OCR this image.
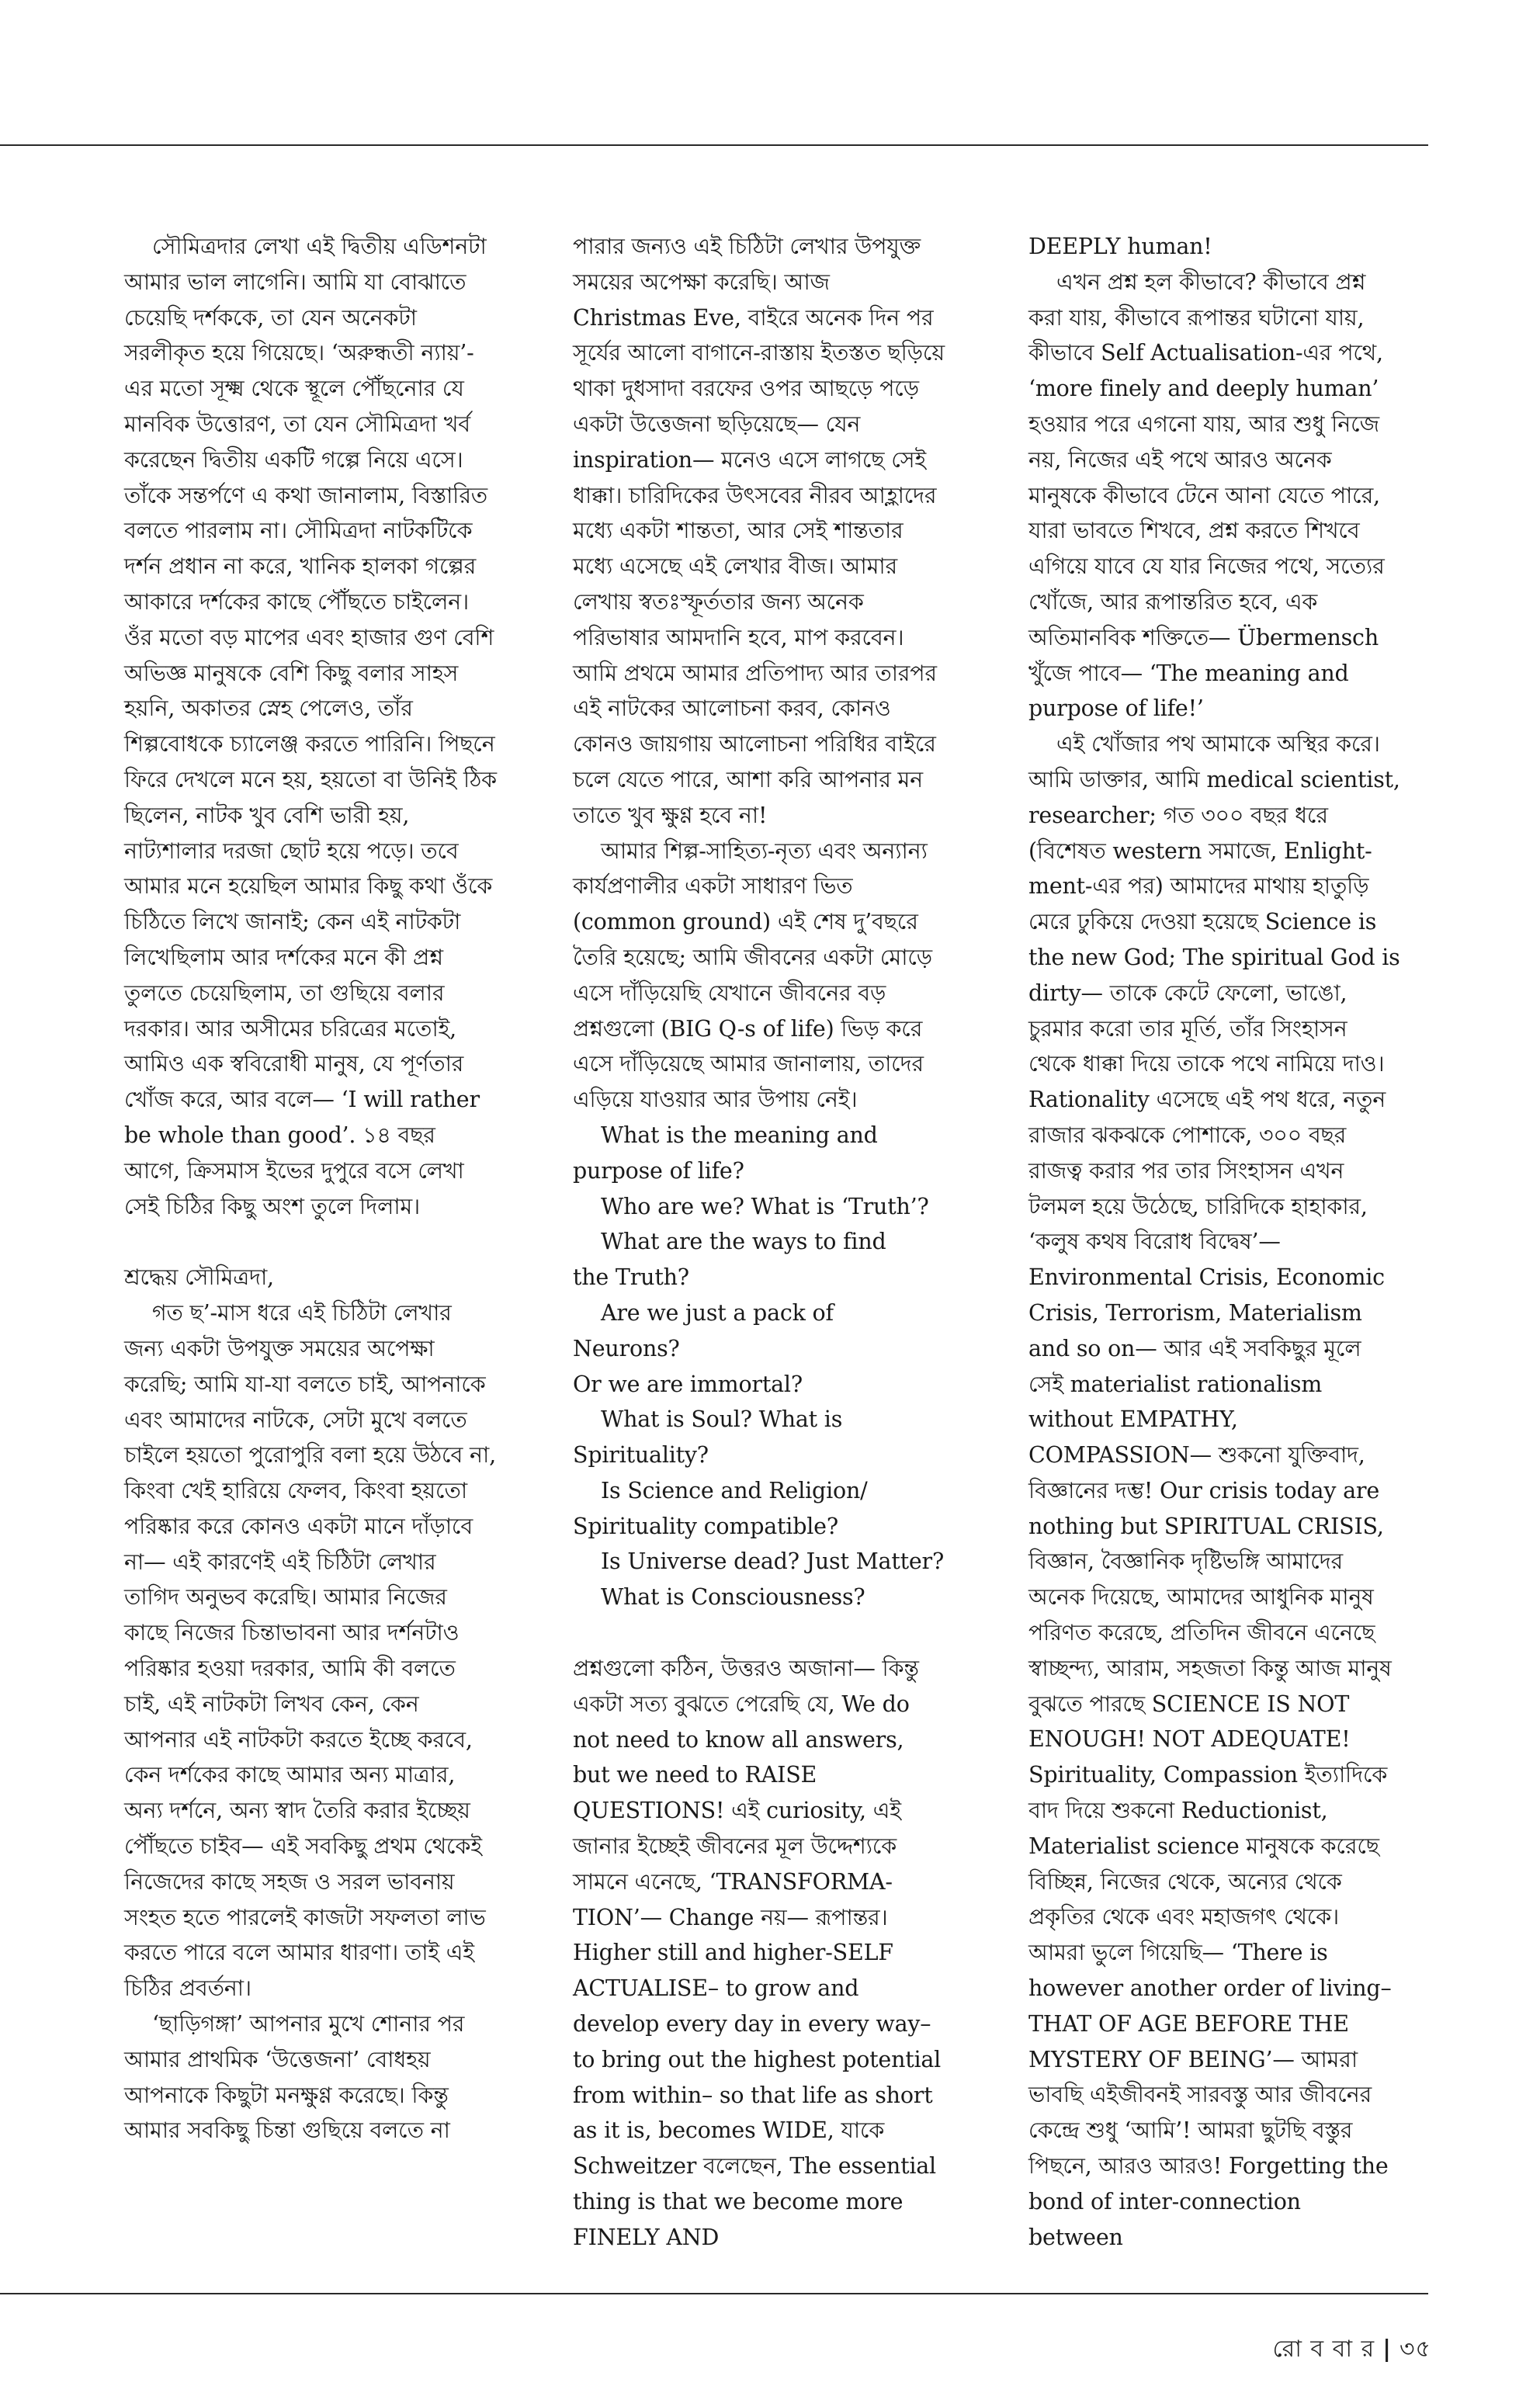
সৌমিত্রদার লেখা এই দ্বিতীয় এডিশনটা আমার ভাল লাগেনি। আমি যা বোঝাতে চেয়েছি দর্শককে, তা যেন অনেকটা সরলীকৃত হয়ে গিয়েছে। ‘অরুন্ধতী ন্যায়’-এর মতো সূক্ষ্ম থেকে স্থূলে পৌঁছনোর যে মানবিক উত্তোরণ, তা যেন সৌমিত্রদা খর্ব করেছেন দ্বিতীয় একটি গল্পে নিয়ে এসে। তাঁকে সন্তর্পণে এ কথা জানালাম, বিস্তারিত বলতে পারলাম না। সৌমিত্রদা নাটকটিকে দর্শন প্রধান না করে, খানিক হালকা গল্পের আকারে দর্শকের কাছে পৌঁছতে চাইলেন। ওঁর মতো বড় মাপের এবং হাজার গুণ বেশি অভিজ্ঞ মানুষকে বেশি কিছু বলার সাহস হয়নি, অকাতর স্নেহ পেলেও, তাঁর শিল্পবোধকে চ্যালেঞ্জ করতে পারিনি। পিছনে ফিরে দেখলে মনে হয়, হয়তো বা উনিই ঠিক ছিলেন, নাটক খুব বেশি ভারী হয়, নাট্যশালার দরজা ছোট হয়ে পড়ে। তবে আমার মনে হয়েছিল আমার কিছু কথা ওঁকে চিঠিতে লিখে জানাই; কেন এই নাটকটা লিখেছিলাম আর দর্শকের মনে কী প্রশ্ন তুলতে চেয়েছিলাম, তা গুছিয়ে বলার দরকার। আর অসীমের চরিত্রের মতোই, আমিও এক স্ববিরোধী মানুষ, যে পূর্ণতার খোঁজ করে, আর বলে— ‘I will rather be whole than good’. ১৪ বছর আগে, ক্রিসমাস ইভের দুপুরে বসে লেখা সেই চিঠির কিছু অংশ তুলে দিলাম।

শ্রদ্ধেয় সৌমিত্রদা,

গত ছ’-মাস ধরে এই চিঠিটা লেখার জন্য একটা উপযুক্ত সময়ের অপেক্ষা করেছি; আমি যা-যা বলতে চাই, আপনাকে এবং আমাদের নাটকে, সেটা মুখে বলতে চাইলে হয়তো পুরোপুরি বলা হয়ে উঠবে না, কিংবা খেই হারিয়ে ফেলব, কিংবা হয়তো পরিষ্কার করে কোনও একটা মানে দাঁড়াবে না— এই কারণেই এই চিঠিটা লেখার তাগিদ অনুভব করেছি। আমার নিজের কাছে নিজের চিন্তাভাবনা আর দর্শনটাও পরিষ্কার হওয়া দরকার, আমি কী বলতে চাই, এই নাটকটা লিখব কেন, কেন আপনার এই নাটকটা করতে ইচ্ছে করবে, কেন দর্শকের কাছে আমার অন্য মাত্রার, অন্য দর্শনে, অন্য স্বাদ তৈরি করার ইচ্ছেয় পৌঁছতে চাইব— এই সবকিছু প্রথম থেকেই নিজেদের কাছে সহজ ও সরল ভাবনায় সংহত হতে পারলেই কাজটা সফলতা লাভ করতে পারে বলে আমার ধারণা। তাই এই চিঠির প্রবর্তনা।

‘ছাড়িগঙ্গা’ আপনার মুখে শোনার পর আমার প্রাথমিক ‘উত্তেজনা’ বোধহয় আপনাকে কিছুটা মনক্ষুণ্ণ করেছে। কিন্তু আমার সবকিছু চিন্তা গুছিয়ে বলতে না

পারার জন্যও এই চিঠিটা লেখার উপযুক্ত সময়ের অপেক্ষা করেছি। আজ Christmas Eve, বাইরে অনেক দিন পর সূর্যের আলো বাগানে-রাস্তায় ইতস্তত ছড়িয়ে থাকা দুধসাদা বরফের ওপর আছড়ে পড়ে একটা উত্তেজনা ছড়িয়েছে— যেন inspiration— মনেও এসে লাগছে সেই ধাক্কা। চারিদিকের উৎসবের নীরব আহ্লাদের মধ্যে একটা শান্ততা, আর সেই শান্ততার মধ্যে এসেছে এই লেখার বীজ। আমার লেখায় স্বতঃস্ফূর্ততার জন্য অনেক পরিভাষার আমদানি হবে, মাপ করবেন। আমি প্রথমে আমার প্রতিপাদ্য আর তারপর এই নাটকের আলোচনা করব, কোনও কোনও জায়গায় আলোচনা পরিধির বাইরে চলে যেতে পারে, আশা করি আপনার মন তাতে খুব ক্ষুণ্ণ হবে না!

আমার শিল্প-সাহিত্য-নৃত্য এবং অন্যান্য কার্যপ্রণালীর একটা সাধারণ ভিত (common ground) এই শেষ দু’বছরে তৈরি হয়েছে; আমি জীবনের একটা মোড়ে এসে দাঁড়িয়েছি যেখানে জীবনের বড় প্রশ্নগুলো (BIG Q-s of life) ভিড় করে এসে দাঁড়িয়েছে আমার জানালায়, তাদের এড়িয়ে যাওয়ার আর উপায় নেই।

What is the meaning and

purpose of life?

Who are we? What is ‘Truth’?

What are the ways to find

the Truth?

Are we just a pack of Neurons?

Or we are immortal?

What is Soul? What is

Spirituality?

Is Science and Religion/

Spirituality compatible?

Is Universe dead? Just Matter?

What is Consciousness?

প্রশ্নগুলো কঠিন, উত্তরও অজানা— কিন্তু একটা সত্য বুঝতে পেরেছি যে, We do not need to know all answers, but we need to RAISE QUESTIONS! এই curiosity, এই জানার ইচ্ছেই জীবনের মূল উদ্দেশ্যকে সামনে এনেছে, ‘TRANSFORMA-TION’— Change নয়— রূপান্তর। Higher still and higher-SELF ACTUALISE– to grow and develop every day in every way– to bring out the highest potential from within– so that life as short as it is, becomes WIDE, যাকে Schweitzer বলেছেন, The essential thing is that we become more FINELY AND

DEEPLY human!

এখন প্রশ্ন হল কীভাবে? কীভাবে প্রশ্ন করা যায়, কীভাবে রূপান্তর ঘটানো যায়, কীভাবে Self Actualisation-এর পথে, ‘more finely and deeply human’ হওয়ার পরে এগনো যায়, আর শুধু নিজে নয়, নিজের এই পথে আরও অনেক মানুষকে কীভাবে টেনে আনা যেতে পারে, যারা ভাবতে শিখবে, প্রশ্ন করতে শিখবে এগিয়ে যাবে যে যার নিজের পথে, সত্যের খোঁজে, আর রূপান্তরিত হবে, এক অতিমানবিক শক্তিতে— Übermensch খুঁজে পাবে— ‘The meaning and purpose of life!’

এই খোঁজার পথ আমাকে অস্থির করে। আমি ডাক্তার, আমি medical scientist, researcher; গত ৩০০ বছর ধরে (বিশেষত western সমাজে, Enlight-ment-এর পর) আমাদের মাথায় হাতুড়ি মেরে ঢুকিয়ে দেওয়া হয়েছে Science is the new God; The spiritual God is dirty— তাকে কেটে ফেলো, ভাঙো, চুরমার করো তার মূর্তি, তাঁর সিংহাসন থেকে ধাক্কা দিয়ে তাকে পথে নামিয়ে দাও। Rationality এসেছে এই পথ ধরে, নতুন রাজার ঝকঝকে পোশাকে, ৩০০ বছর রাজত্ব করার পর তার সিংহাসন এখন টলমল হয়ে উঠেছে, চারিদিকে হাহাকার, ‘কলুষ কথষ বিরোধ বিদ্বেষ’— Environmental Crisis, Economic Crisis, Terrorism, Materialism and so on— আর এই সবকিছুর মূলে সেই materialist rationalism without EMPATHY, COMPASSION— শুকনো যুক্তিবাদ, বিজ্ঞানের দম্ভ! Our crisis today are nothing but SPIRITUAL CRISIS, বিজ্ঞান, বৈজ্ঞানিক দৃষ্টিভঙ্গি আমাদের অনেক দিয়েছে, আমাদের আধুনিক মানুষ পরিণত করেছে, প্রতিদিন জীবনে এনেছে স্বাচ্ছন্দ্য, আরাম, সহজতা কিন্তু আজ মানুষ বুঝতে পারছে SCIENCE IS NOT ENOUGH! NOT ADEQUATE! Spirituality, Compassion ইত্যাদিকে বাদ দিয়ে শুকনো Reductionist, Materialist science মানুষকে করেছে বিচ্ছিন্ন, নিজের থেকে, অন্যের থেকে প্রকৃতির থেকে এবং মহাজগৎ থেকে। আমরা ভুলে গিয়েছি— ‘There is however another order of living– THAT OF AGE BEFORE THE MYSTERY OF BEING’— আমরা ভাবছি এইজীবনই সারবস্তু আর জীবনের কেন্দ্রে শুধু ‘আমি’! আমরা ছুটছি বস্তুর পিছনে, আরও আরও! Forgetting the bond of inter-connection between

রো ব বা র | ৩৫
